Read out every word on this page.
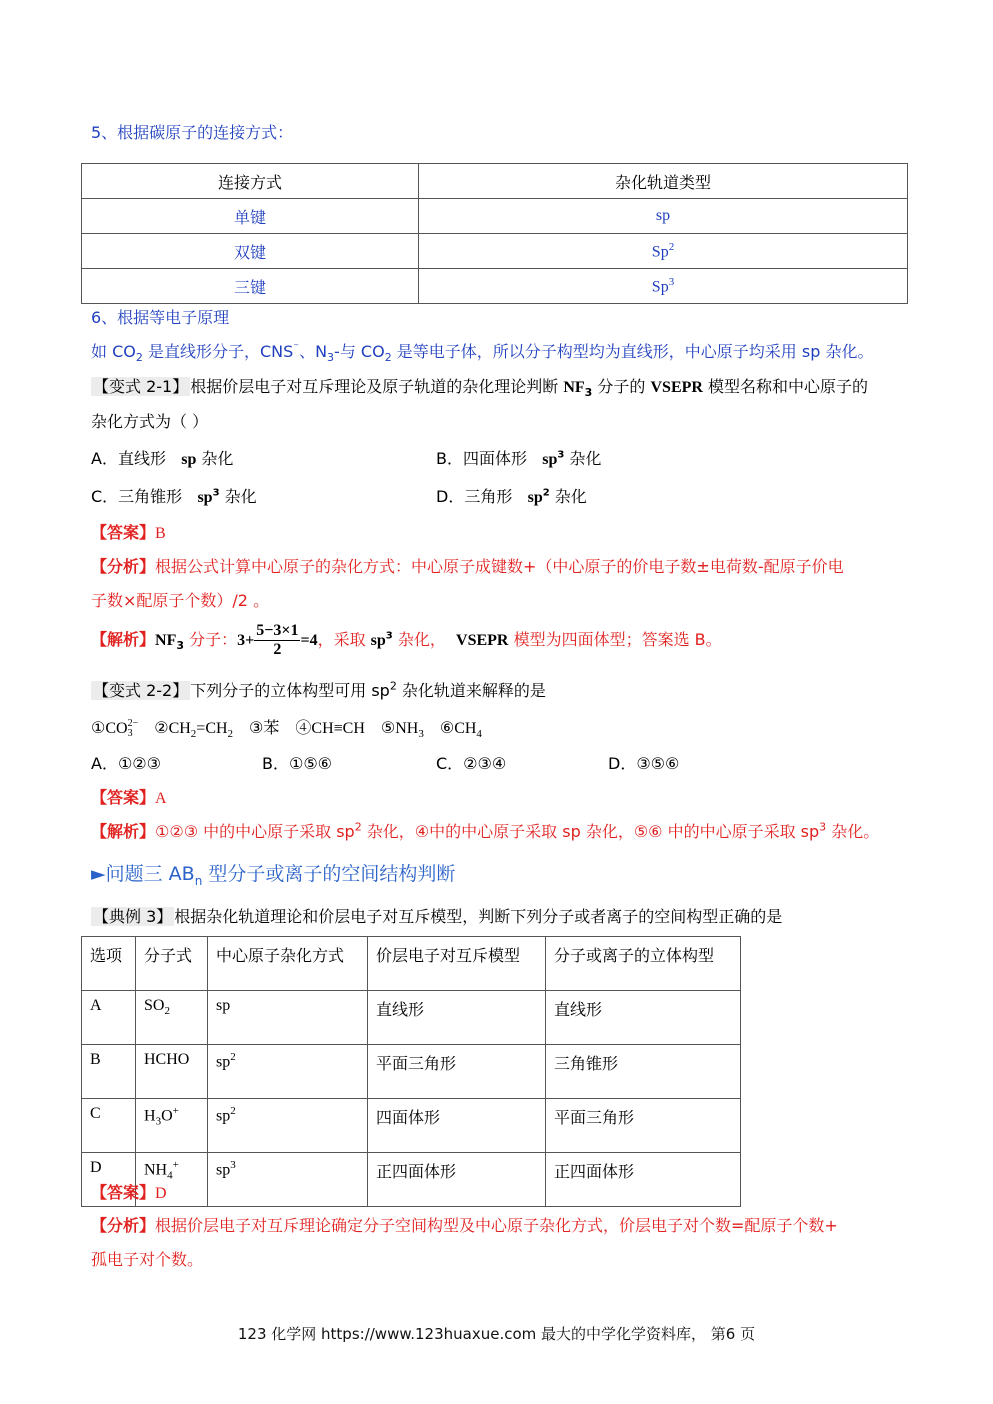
5、根据碳原子的连接方式：
连接方式	杂化轨道类型
单键	sp
双键	Sp$^2$
三键	Sp$^3$
6、根据等电子原理
如 $CO_2$ 是直线形分子，CNS⁻、$N_3-$与 $CO_2$ 是等电子体，所以分子构型均为直线形，中心原子均采用 sp 杂化。
【变式 2-1】 根据价层电子对互斥理论及原子轨道的杂化理论判断 $NF_3$ 分子的 VSEPR 模型名称和中心原子的
杂化方式为（ ）
A．直线形 sp 杂化	B．四面体形 $sp^3$ 杂化
C．三角锥形 $sp^3$ 杂化	D．三角形 $sp^2$ 杂化
【答案】B
【分析】根据公式计算中心原子的杂化方式：中心原子成键数+（中心原子的价电子数±电荷数-配原子价电
子数×配原子个数）/2 。
【解析】$NF_3$ 分子：$3+ \frac{5-3\times 1}{2} =4$，采取 $sp^3$ 杂化， VSEPR 模型为四面体型；答案选 B。
【变式 2-2】 下列分子的立体构型可用 $sp^2$ 杂化轨道来解释的是
①CO 2−
3	$②CH_2=CH_2$ ③苯 ④CH≡CH $⑤NH_3$ $⑥CH_4$
A．①②③	B．①⑤⑥	C．②③④	D．③⑤⑥
【答案】A
【解析】①②③ 中的中心原子采取 $sp^2$ 杂化，④中的中心原子采取 sp 杂化，⑤⑥ 中的中心原子采取 $sp^3$ 杂化。
►问题三 $AB_n$ 型分子或离子的空间结构判断
【典例 3】 根据杂化轨道理论和价层电子对互斥模型，判断下列分子或者离子的空间构型正确的是
选项	分子式	中心原子杂化方式	价层电子对互斥模型	分子或离子的立体构型
A	$SO_2$	sp	直线形	直线形
B	HCHO	$sp^2$	平面三角形	三角锥形
C	$H_3O^+$	$sp^2$	四面体形	平面三角形
D	$NH_4^+$	$sp^3$	正四面体形	正四面体形
【答案】D
【分析】根据价层电子对互斥理论确定分子空间构型及中心原子杂化方式，价层电子对个数=配原子个数+
孤电子对个数。
123 化学网 https://www.123huaxue.com 最大的中学化学资料库， 第6 页
